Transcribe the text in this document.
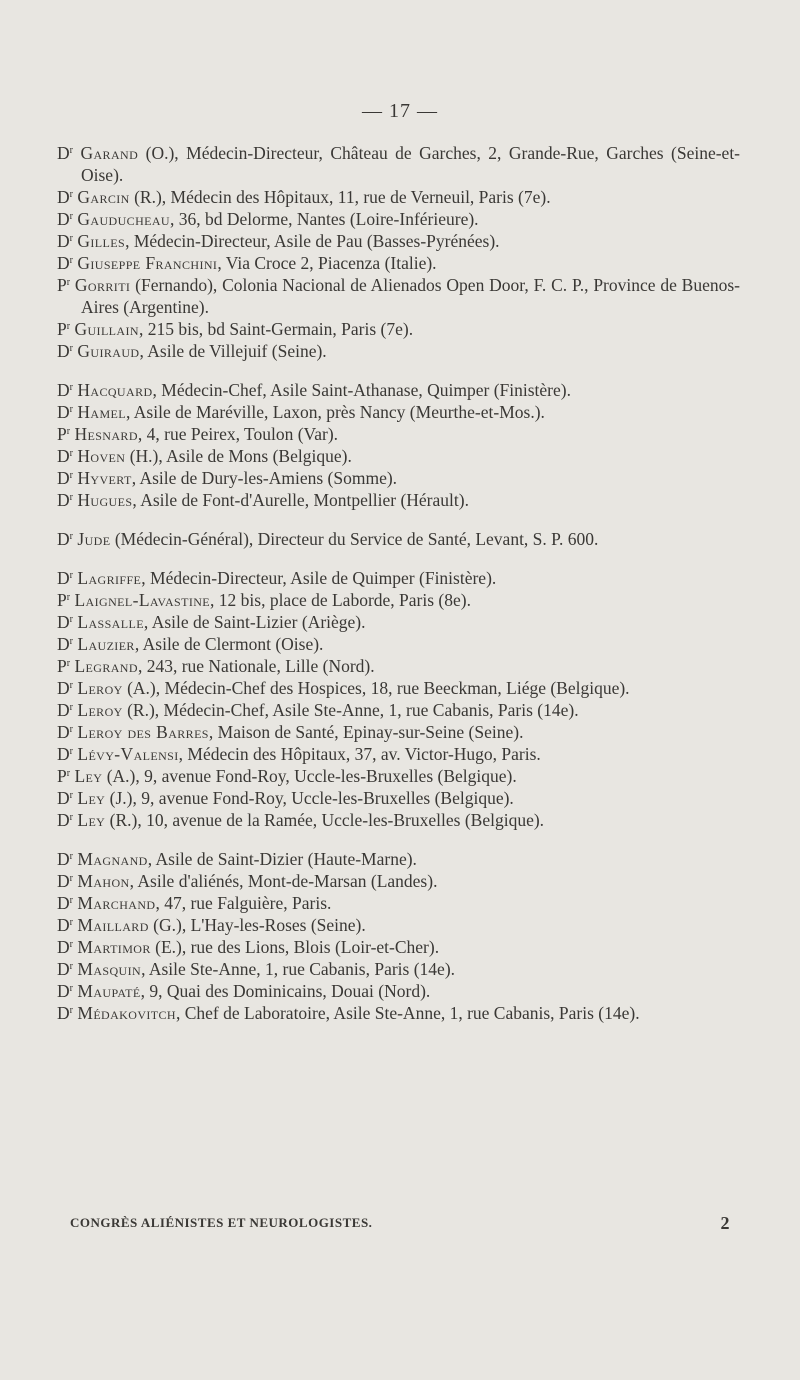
— 17 —
$D^r$ Garand (O.), Médecin-Directeur, Château de Garches, 2, Grande-Rue, Garches (Seine-et-Oise).
$D^r$ Garcin (R.), Médecin des Hôpitaux, 11, rue de Verneuil, Paris (7e).
$D^r$ Gauducheau, 36, bd Delorme, Nantes (Loire-Inférieure).
$D^r$ Gilles, Médecin-Directeur, Asile de Pau (Basses-Pyrénées).
$D^r$ Giuseppe Franchini, Via Croce 2, Piacenza (Italie).
$P^r$ Gorriti (Fernando), Colonia Nacional de Alienados Open Door, F. C. P., Province de Buenos-Aires (Argentine).
$P^r$ Guillain, 215 bis, bd Saint-Germain, Paris (7e).
$D^r$ Guiraud, Asile de Villejuif (Seine).
$D^r$ Hacquard, Médecin-Chef, Asile Saint-Athanase, Quimper (Finistère).
$D^r$ Hamel, Asile de Maréville, Laxon, près Nancy (Meurthe-et-Mos.).
$P^r$ Hesnard, 4, rue Peirex, Toulon (Var).
$D^r$ Hoven (H.), Asile de Mons (Belgique).
$D^r$ Hyvert, Asile de Dury-les-Amiens (Somme).
$D^r$ Hugues, Asile de Font-d'Aurelle, Montpellier (Hérault).
$D^r$ Jude (Médecin-Général), Directeur du Service de Santé, Levant, S. P. 600.
$D^r$ Lagriffe, Médecin-Directeur, Asile de Quimper (Finistère).
$P^r$ Laignel-Lavastine, 12 bis, place de Laborde, Paris (8e).
$D^r$ Lassalle, Asile de Saint-Lizier (Ariège).
$D^r$ Lauzier, Asile de Clermont (Oise).
$P^r$ Legrand, 243, rue Nationale, Lille (Nord).
$D^r$ Leroy (A.), Médecin-Chef des Hospices, 18, rue Beeckman, Liége (Belgique).
$D^r$ Leroy (R.), Médecin-Chef, Asile Ste-Anne, 1, rue Cabanis, Paris (14e).
$D^r$ Leroy des Barres, Maison de Santé, Epinay-sur-Seine (Seine).
$D^r$ Lévy-Valensi, Médecin des Hôpitaux, 37, av. Victor-Hugo, Paris.
$P^r$ Ley (A.), 9, avenue Fond-Roy, Uccle-les-Bruxelles (Belgique).
$D^r$ Ley (J.), 9, avenue Fond-Roy, Uccle-les-Bruxelles (Belgique).
$D^r$ Ley (R.), 10, avenue de la Ramée, Uccle-les-Bruxelles (Belgique).
$D^r$ Magnand, Asile de Saint-Dizier (Haute-Marne).
$D^r$ Mahon, Asile d'aliénés, Mont-de-Marsan (Landes).
$D^r$ Marchand, 47, rue Falguière, Paris.
$D^r$ Maillard (G.), L'Hay-les-Roses (Seine).
$D^r$ Martimor (E.), rue des Lions, Blois (Loir-et-Cher).
$D^r$ Masquin, Asile Ste-Anne, 1, rue Cabanis, Paris (14e).
$D^r$ Maupaté, 9, Quai des Dominicains, Douai (Nord).
$D^r$ Médakovitch, Chef de Laboratoire, Asile Ste-Anne, 1, rue Cabanis, Paris (14e).
CONGRÈS ALIÉNISTES ET NEUROLOGISTES.	2
